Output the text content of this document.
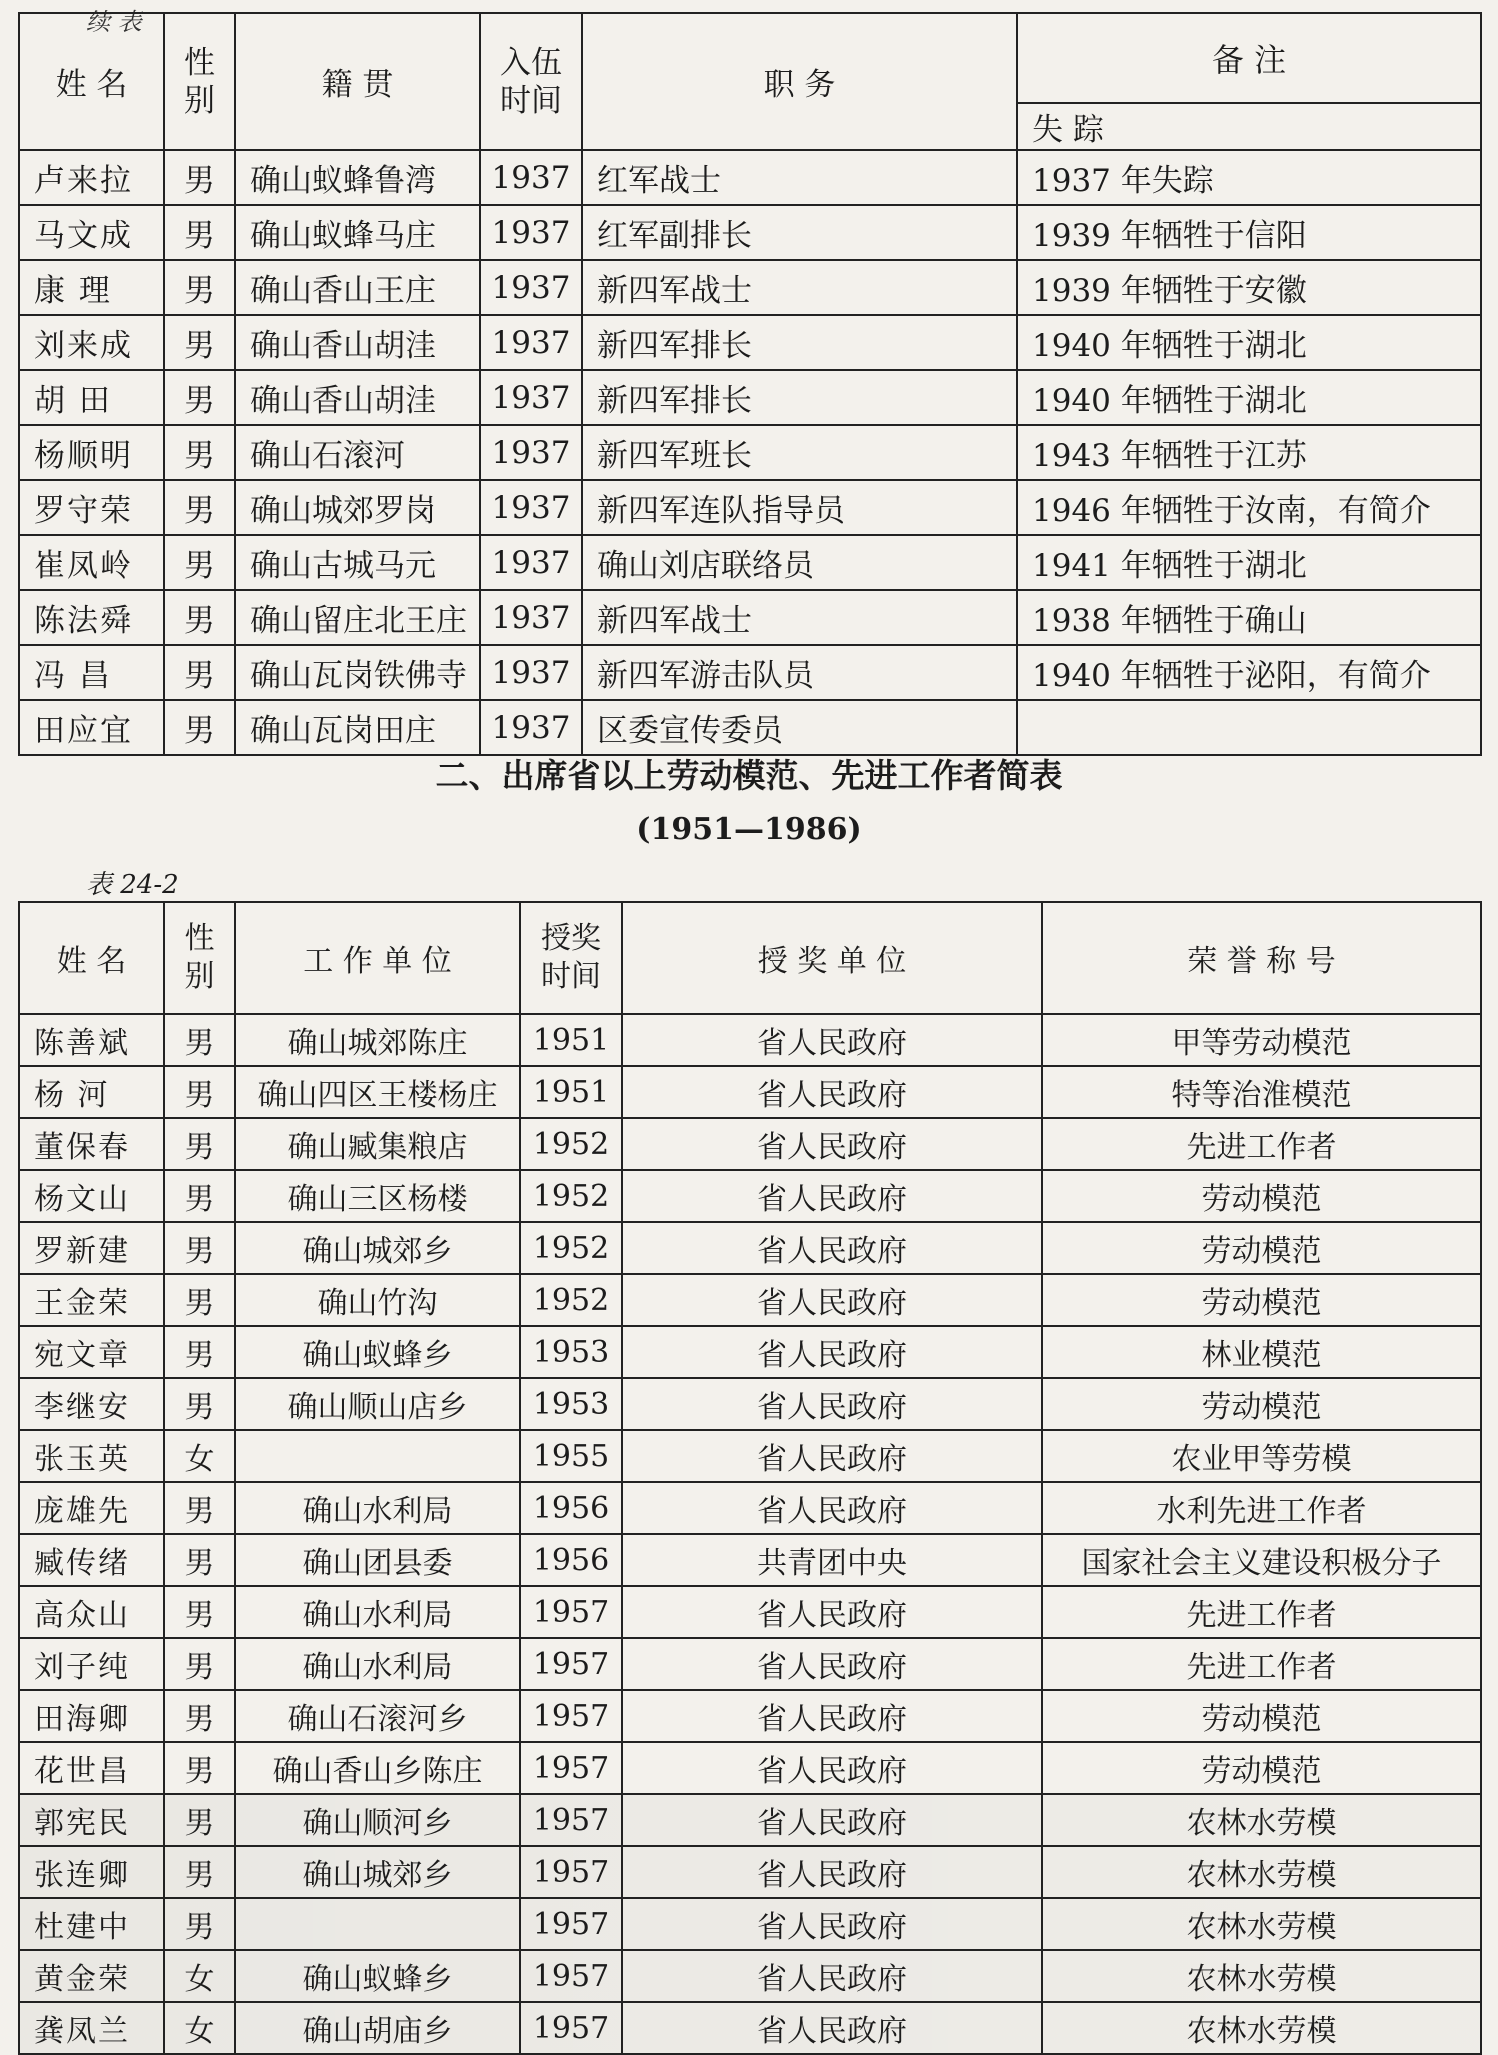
续 表
姓 名	性别	籍 贯	入伍时间	职 务	备 注
					失 踪
卢来拉	男	确山蚁蜂鲁湾	1937	红军战士	1937 年失踪
马文成	男	确山蚁蜂马庄	1937	红军副排长	1939 年牺牲于信阳
康 理	男	确山香山王庄	1937	新四军战士	1939 年牺牲于安徽
刘来成	男	确山香山胡洼	1937	新四军排长	1940 年牺牲于湖北
胡 田	男	确山香山胡洼	1937	新四军排长	1940 年牺牲于湖北
杨顺明	男	确山石滚河	1937	新四军班长	1943 年牺牲于江苏
罗守荣	男	确山城郊罗岗	1937	新四军连队指导员	1946 年牺牲于汝南，有简介
崔凤岭	男	确山古城马元	1937	确山刘店联络员	1941 年牺牲于湖北
陈法舜	男	确山留庄北王庄	1937	新四军战士	1938 年牺牲于确山
冯 昌	男	确山瓦岗铁佛寺	1937	新四军游击队员	1940 年牺牲于泌阳，有简介
田应宜	男	确山瓦岗田庄	1937	区委宣传委员	
二、出席省以上劳动模范、先进工作者简表
(1951—1986)
表 24-2
姓 名	性别	工 作 单 位	授奖时间	授 奖 单 位	荣 誉 称 号
陈善斌	男	确山城郊陈庄	1951	省人民政府	甲等劳动模范
杨 河	男	确山四区王楼杨庄	1951	省人民政府	特等治淮模范
董保春	男	确山臧集粮店	1952	省人民政府	先进工作者
杨文山	男	确山三区杨楼	1952	省人民政府	劳动模范
罗新建	男	确山城郊乡	1952	省人民政府	劳动模范
王金荣	男	确山竹沟	1952	省人民政府	劳动模范
宛文章	男	确山蚁蜂乡	1953	省人民政府	林业模范
李继安	男	确山顺山店乡	1953	省人民政府	劳动模范
张玉英	女		1955	省人民政府	农业甲等劳模
庞雄先	男	确山水利局	1956	省人民政府	水利先进工作者
臧传绪	男	确山团县委	1956	共青团中央	国家社会主义建设积极分子
高众山	男	确山水利局	1957	省人民政府	先进工作者
刘子纯	男	确山水利局	1957	省人民政府	先进工作者
田海卿	男	确山石滚河乡	1957	省人民政府	劳动模范
花世昌	男	确山香山乡陈庄	1957	省人民政府	劳动模范
郭宪民	男	确山顺河乡	1957	省人民政府	农林水劳模
张连卿	男	确山城郊乡	1957	省人民政府	农林水劳模
杜建中	男		1957	省人民政府	农林水劳模
黄金荣	女	确山蚁蜂乡	1957	省人民政府	农林水劳模
龚凤兰	女	确山胡庙乡	1957	省人民政府	农林水劳模
